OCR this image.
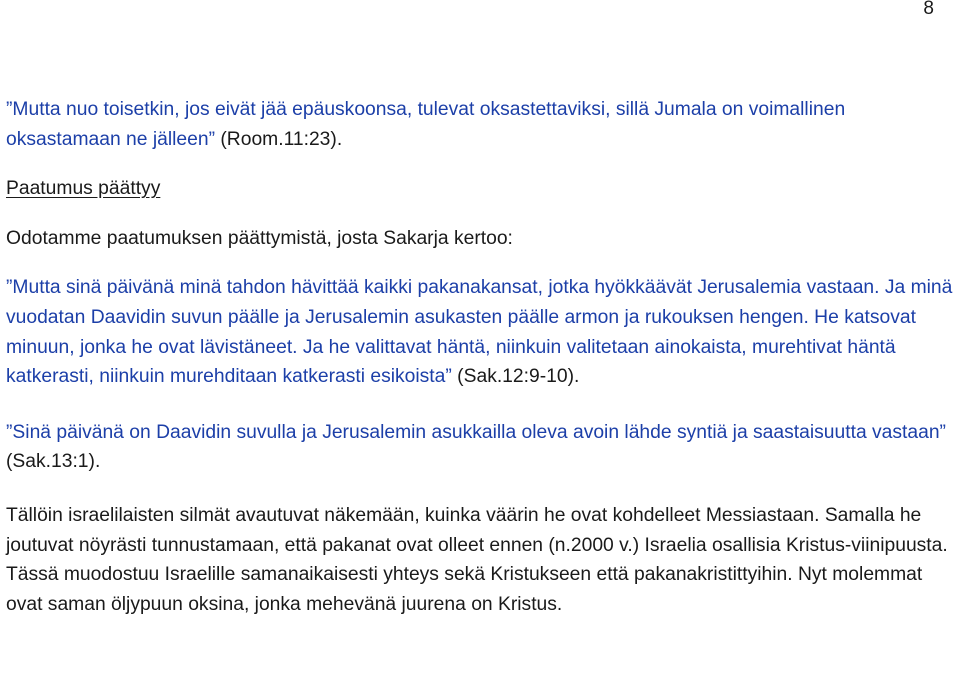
8

”Mutta nuo toisetkin, jos eivät jää epäuskoonsa, tulevat oksastettaviksi, sillä Jumala on voimallinen oksastamaan ne jälleen” (Room.11:23).

Paatumus päättyy

Odotamme paatumuksen päättymistä, josta Sakarja kertoo:

”Mutta sinä päivänä minä tahdon hävittää kaikki pakanakansat, jotka hyökkäävät Jerusalemia vastaan. Ja minä vuodatan Daavidin suvun päälle ja Jerusalemin asukasten päälle armon ja rukouksen hengen. He katsovat minuun, jonka he ovat lävistäneet. Ja he valittavat häntä, niinkuin valitetaan ainokaista, murehtivat häntä katkerasti, niinkuin murehditaan katkerasti esikoista” (Sak.12:9-10).

”Sinä päivänä on Daavidin suvulla ja Jerusalemin asukkailla oleva avoin lähde syntiä ja saastaisuutta vastaan” (Sak.13:1).

Tällöin israelilaisten silmät avautuvat näkemään, kuinka väärin he ovat kohdelleet Messiastaan. Samalla he joutuvat nöyrästi tunnustamaan, että pakanat ovat olleet ennen (n.2000 v.) Israelia osallisia Kristus-viinipuusta. Tässä muodostuu Israelille samanaikaisesti yhteys sekä Kristukseen että pakanakristittyihin. Nyt molemmat ovat saman öljypuun oksina, jonka mehevänä juurena on Kristus.
